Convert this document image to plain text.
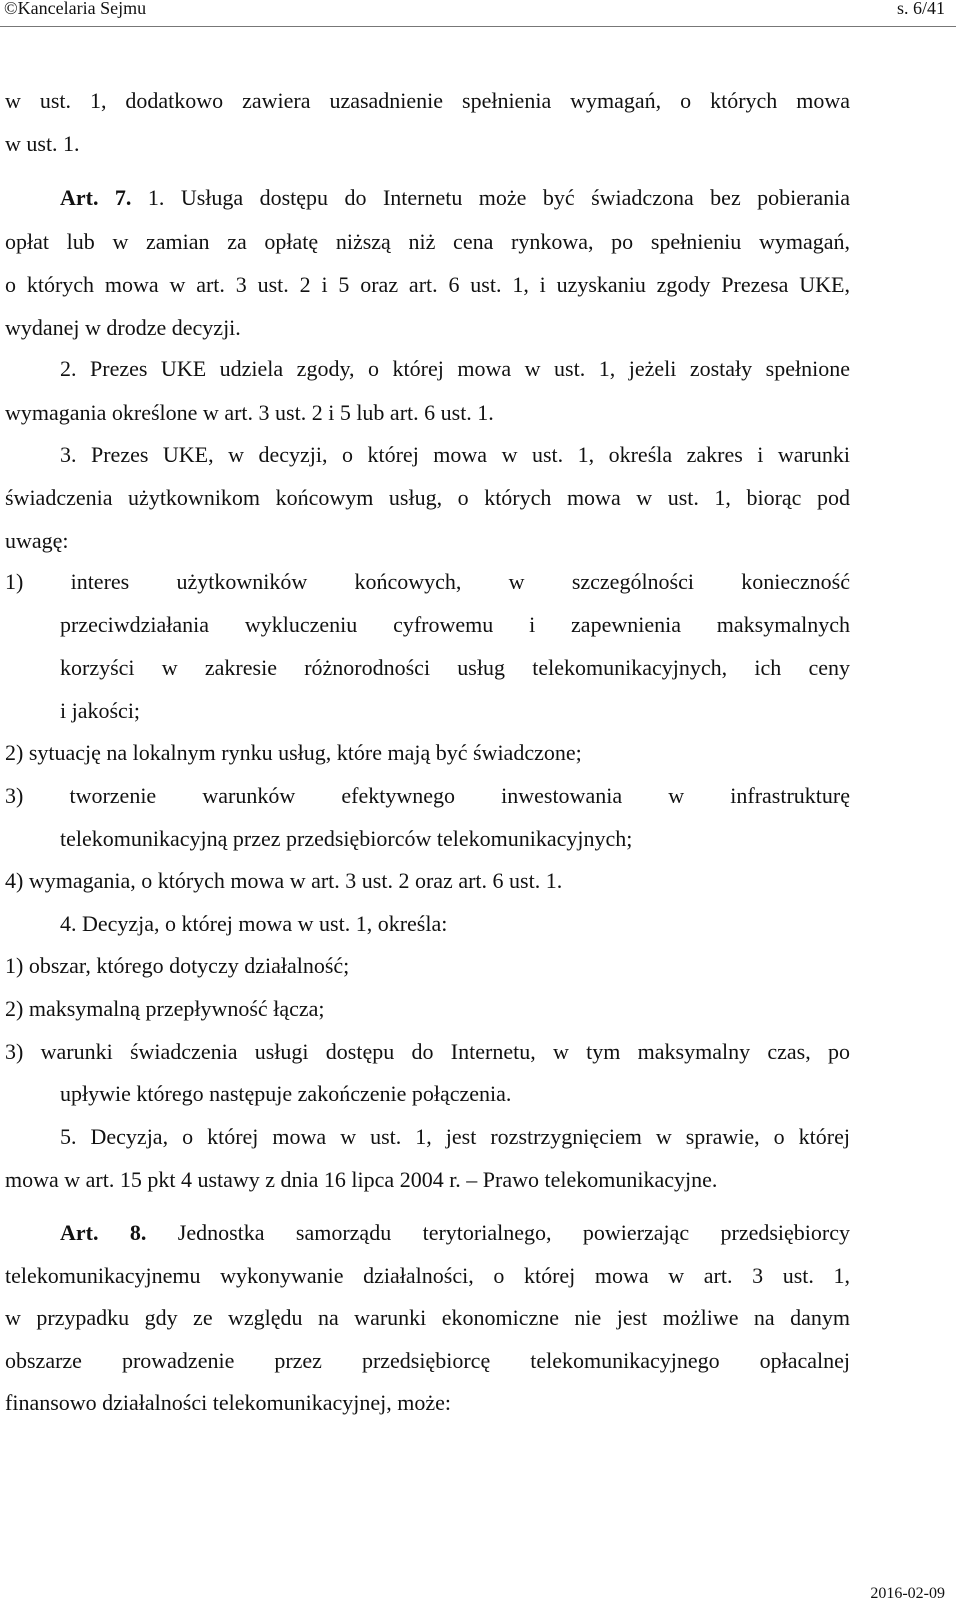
©Kancelaria Sejmu	s. 6/41
w ust. 1, dodatkowo zawiera uzasadnienie spełnienia wymagań, o których mowa
w ust. 1.
Art. 7. 1. Usługa dostępu do Internetu może być świadczona bez pobierania
opłat lub w zamian za opłatę niższą niż cena rynkowa, po spełnieniu wymagań,
o których mowa w art. 3 ust. 2 i 5 oraz art. 6 ust. 1, i uzyskaniu zgody Prezesa UKE,
wydanej w drodze decyzji.
2. Prezes UKE udziela zgody, o której mowa w ust. 1, jeżeli zostały spełnione
wymagania określone w art. 3 ust. 2 i 5 lub art. 6 ust. 1.
3. Prezes UKE, w decyzji, o której mowa w ust. 1, określa zakres i warunki
świadczenia użytkownikom końcowym usług, o których mowa w ust. 1, biorąc pod
uwagę:
1) interes użytkowników końcowych, w szczególności konieczność
przeciwdziałania wykluczeniu cyfrowemu i zapewnienia maksymalnych
korzyści w zakresie różnorodności usług telekomunikacyjnych, ich ceny
i jakości;
2) sytuację na lokalnym rynku usług, które mają być świadczone;
3) tworzenie warunków efektywnego inwestowania w infrastrukturę
telekomunikacyjną przez przedsiębiorców telekomunikacyjnych;
4) wymagania, o których mowa w art. 3 ust. 2 oraz art. 6 ust. 1.
4. Decyzja, o której mowa w ust. 1, określa:
1) obszar, którego dotyczy działalność;
2) maksymalną przepływność łącza;
3) warunki świadczenia usługi dostępu do Internetu, w tym maksymalny czas, po
upływie którego następuje zakończenie połączenia.
5. Decyzja, o której mowa w ust. 1, jest rozstrzygnięciem w sprawie, o której
mowa w art. 15 pkt 4 ustawy z dnia 16 lipca 2004 r. – Prawo telekomunikacyjne.
Art. 8. Jednostka samorządu terytorialnego, powierzając przedsiębiorcy
telekomunikacyjnemu wykonywanie działalności, o której mowa w art. 3 ust. 1,
w przypadku gdy ze względu na warunki ekonomiczne nie jest możliwe na danym
obszarze prowadzenie przez przedsiębiorcę telekomunikacyjnego opłacalnej
finansowo działalności telekomunikacyjnej, może:
2016-02-09
